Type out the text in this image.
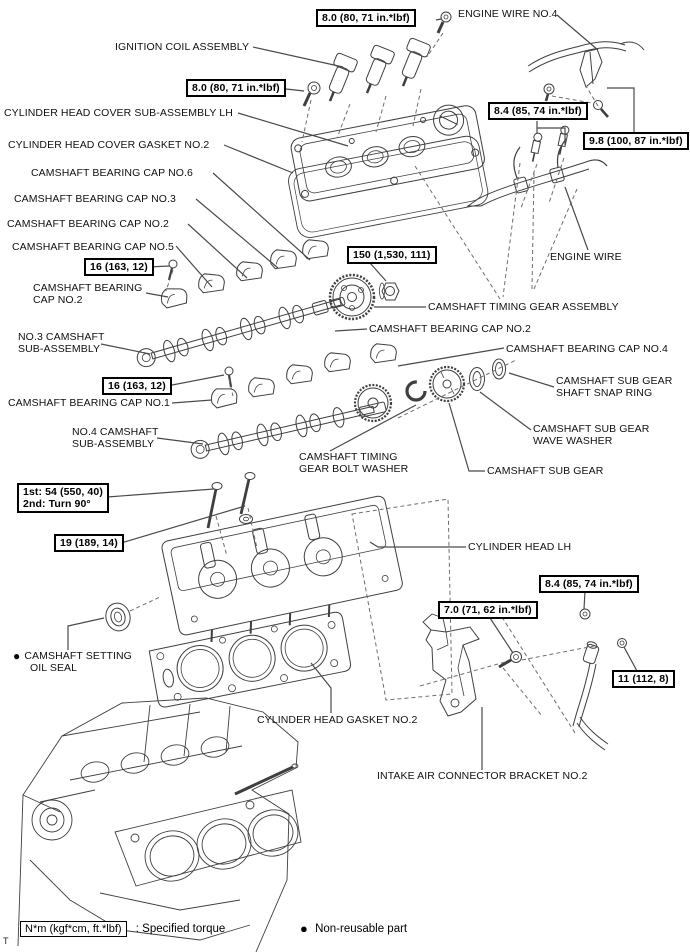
IGNITION COIL ASSEMBLY
ENGINE WIRE NO.4
CYLINDER HEAD COVER SUB-ASSEMBLY LH
CYLINDER HEAD COVER GASKET NO.2
CAMSHAFT BEARING CAP NO.6
CAMSHAFT BEARING CAP NO.3
CAMSHAFT BEARING CAP NO.2
CAMSHAFT BEARING CAP NO.5
CAMSHAFT BEARING
CAP NO.2
NO.3 CAMSHAFT
SUB-ASSEMBLY
ENGINE WIRE
CAMSHAFT TIMING GEAR ASSEMBLY
CAMSHAFT BEARING CAP NO.2
CAMSHAFT BEARING CAP NO.4
CAMSHAFT SUB GEAR
SHAFT SNAP RING
CAMSHAFT BEARING CAP NO.1
NO.4 CAMSHAFT
SUB-ASSEMBLY
CAMSHAFT SUB GEAR
WAVE WASHER
CAMSHAFT TIMING
GEAR BOLT WASHER	CAMSHAFT SUB GEAR
CYLINDER HEAD LH
● CAMSHAFT SETTING
OIL SEAL
CYLINDER HEAD GASKET NO.2
INTAKE AIR CONNECTOR BRACKET NO.2
8.0 (80, 71 in.*lbf)
8.0 (80, 71 in.*lbf)
8.4 (85, 74 in.*lbf)
9.8 (100, 87 in.*lbf)
150 (1,530, 111)
16 (163, 12)
16 (163, 12)
1st: 54 (550, 40)
2nd: Turn 90°
19 (189, 14)
8.4 (85, 74 in.*lbf)
7.0 (71, 62 in.*lbf)
11 (112, 8)
N*m (kgf*cm, ft.*lbf) : Specified torque	● Non-reusable part
T
